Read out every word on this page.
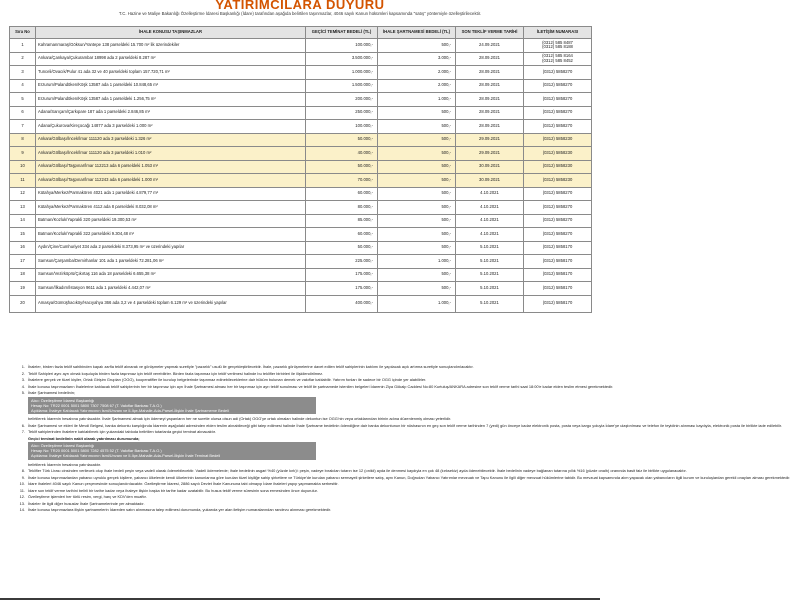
YATIRIMCILARA DUYURU
T.C. Hazine ve Maliye Bakanlığı Özelleştirme İdaresi Başkanlığı (İdare) tarafından aşağıda belirtilen taşınmazlar, 4046 sayılı Kanun hükümleri kapsamında "satış" yöntemiyle özelleştirilecektir.
Sıra No	İHALE KONUSU TAŞINMAZLAR	GEÇİCİ TEMİNAT BEDELİ (TL)	İHALE ŞARTNAMESİ BEDELİ (TL)	SON TEKLİF VERME TARİHİ	İLETİŞİM NUMARASI
1	Kahramanmaraş/Göksun/Yantepe 138 parseldeki 15.700 m² lik üzerindekiler	100.000,-	500,-	24.09.2021	(0312) 585 8487
(0312) 585 8188
2	Ankara/Çankaya/Çukurambar 18998 ada 2 parseldeki 8.287 m²	3.500.000,-	3.000,-	28.09.2021	(0312) 585 8164
(0312) 585 8452
3	Tunceli/Ovacık/Pulur 41 ada 32 ve 40 parseldeki toplam 157.720,71 m²	1.000.000,-	2.000,-	28.09.2021	(0312) 5858270
4	Erzurum/Palandöken/Köşk 13587 ada 1 parseldeki 10.848,65 m²	1.500.000,-	2.000,-	28.09.2021	(0312) 5858270
5	Erzurum/Palandöken/Köşk 13587 ada 1 parseldeki 1.256,75 m²	200.000,-	1.000,-	28.09.2021	(0312) 5858270
6	Adana/Sarıçam/Çarkıpare 187 ada 1 parseldeki 2.846,85 m²	250.000,-	500,-	28.09.2021	(0312) 5858270
7	Adana/Çukurova/Kireçocağı 14877 ada 3 parseldeki 1.000 m²	100.000,-	500,-	28.09.2021	(0312) 5858270
8	Ankara/Gölbaşı/İncek/İmar 111120 ada 3 parseldeki 1.326 m²	50.000,-	500,-	29.09.2021	(0312) 5858230
9	Ankara/Gölbaşı/İncek/İmar 111120 ada 3 parseldeki 1.010 m²	40.000,-	500,-	29.09.2021	(0312) 5858230
10	Ankara/Gölbaşı/Taşpınar/İmar 112213 ada 6 parseldeki 1.053 m²	50.000,-	500,-	30.09.2021	(0312) 5858230
11	Ankara/Gölbaşı/Taşpınar/İmar 112243 ada 6 parseldeki 1.000 m²	70.000,-	500,-	30.09.2021	(0312) 5858230
12	Kütahya/Merkez/Parmakören 4021 ada 1 parseldeki 4.879,77 m²	60.000,-	500,-	4.10.2021	(0312) 5858270
13	Kütahya/Merkez/Parmakören 4112 ada 8 parseldeki 8.032,08 m²	80.000,-	500,-	4.10.2021	(0312) 5858270
14	Batman/Kozluk/Yaprakli 320 parseldeki 19.300,53 m²	85.000,-	500,-	4.10.2021	(0312) 5858270
15	Batman/Kozluk/Yaprakli 322 parseldeki 9.304,48 m²	60.000,-	500,-	4.10.2021	(0312) 5858270
16	Aydın/Çine/Cumhuriyet 334 ada 2 parseldeki 8.373,95 m² ve üzerindeki yapılar	50.000,-	500,-	5.10.2021	(0312) 5858170
17	Samsun/Çarşamba/Demirhanlar 101 ada 1 parseldeki 72.281,06 m²	225.000,-	1.000,-	5.10.2021	(0312) 5858170
18	Samsun/Vezirköprü/Çıkırtaş 116 ada 18 parseldeki 6.655,38 m²	175.000,-	500,-	5.10.2021	(0312) 5858170
19	Samsun/İlkadım/İstasyon 9611 ada 1 parseldeki 4.442,07 m²	175.000,-	500,-	5.10.2021	(0312) 5858170
20	Amasya/Gümüşhacıköy/Hacıyahya 366 ada 3,2 ve 4 parseldeki toplam 6.129 m² ve üzerindeki yapılar	400.000,-	1.000,-	5.10.2021	(0312) 5858170
1. İhaleler, birden fazla teklif sahibinden kapalı zarfla teklif alınarak ve görüşmeler yapmak suretiyle "pazarlık" usulü ile gerçekleştirilecektir. İhale, pazarlık görüşmelerine davet edilen teklif sahiplerinin katılımı ile yapılacak açık artırma suretiyle sonuçlandırılacaktır.
2. Teklif Sahipleri aynı ayrı olmak koşuluyla birden fazla taşınmaz için teklif verebilirler. Birden fazla taşınmaz için teklif verilmesi halinde bu teklifler birbirleri ile ilişkilendirilmez.
3. İhalelere gerçek ve tüzel kişiler, Ortak Girişim Grupları (OGG), kooperatifler ile kurulup belgelerinde taşınmaz edinebileceklerine dair hüküm bulunan demek ve vakıflar katılabilir. Yatırım fonları ile sadece bir OGG içinde yer alabilirler.
4. İhale konusu taşınmazların İhalelerine katılacak teklif sahiplerinin her bir taşınmaz için ayrı İhale Şartnamesi alması her bir taşınmaz için ayrı teklif sunulması ve teklif ile şartnamede istenilen belgeleri İdarenin Ziya Gökalp Caddesi No:80 Kurtuluş/ANKARA adresine son teklif verme tarihi saat 18:00'e kadar elden teslim etmesi gerekmektedir.
5. İhale Şartnamesi bedelinin;
Alıcı: Özelleştirme İdaresi Başkanlığı
Hesap No: TR22 0001 5001 5800 7307 7508 67 (T. Vakıflar Bankası T.A.O.)
Açıklama: İhaleye Katılacak Yatırımcının İsmi/Unvanı ve İl-İlçe-Mahalle-Ada-Parsel-İlişkin İhale Şartnameme Bedeli
belirtilerek İdarenin hesabına yatırılacaktır. İhale Şartnamesi almak için ödemeyi yapanların her ne suretle olursa olsun adi (Ortak) OGG'ye ortak olmaları halinde dekontun ise OGG'nin veya ortaklarından birinin adına düzenlenmiş olması yeterlidir.
6. İhale Şartnamesi ve ekleri ile Mevdi Belgesi, banka dekontu karşılığında İdarenin aşağıdaki adresinden elden teslim alınabileceği gibi talep edilmesi halinde İhale Şartname bedelinin ödendiğine dair banka dekontunun bir nüshasının en geç son teklif verme tarihinden 7 (yedi) gün önceye kadar elektronik posta, posta veya kargo yoluyla İdare'ye ulaştırılması ve telefon ile teyidinin alınması kaydıyla, elektronik posta ile birlikte iade edilebilir.
7. Teklif sahiplerinden ihalelere katılabilmek için yukarıdaki tabloda belirtilen tutarlarda geçici teminat alınacaktır.
Geçici teminat bedelinin nakit olarak yatırılması durumunda;
Alıcı: Özelleştirme İdaresi Başkanlığı
Hesap No: TR20 0001 5001 5800 7282 4575 52 (T. Vakıflar Bankası T.A.O.)
Açıklama: İhaleye Katılacak Yatırımcının İsmi/Unvanı ve İl-İlçe-Mahalle-Ada-Parsel-İlişkin İhale Teminat Bedeli
belirtilerek İdarenin hesabına yatırılacaktır.
8. Teklifler Türk Lirası cinsinden verilecek olup ihale bedeli peşin veya vadeli olarak ödenebilecektir. Vadeli ödemelerde; ihale bedelinin asgari %40 (yüzde kırk)'ı peşin, vadeye bırakılan tutarın ise 12 (onikii) ayda ile denmesi kaydıyla en çok 48 (kırksekiz) ayda ödenebilecektir. İhale bedelinin vadeye bağlanan tutarına yıllık %16 (yüzde onaltı) oranında basit faiz ile birlikte uygulanacaktır.
9. İhale konusu taşınmazlardan yabancı uyruklu gerçek kişilere, yabancı ülkelerde kendi ülkelerinin kanunlarına göre kurulan tüzel kişiliğe sahip şirketlere ve Türkiye'de kurulan yabancı sermayeli şirketlere satış, aynı Kanun, Doğrudan Yabancı Yatırımlar mevzuatı ve Tapu Kanunu ile ilgili diğer mevzuat hükümlerine tabidir. Bu mevzuat kapsamında alım yapacak olan yabancıların ilgili kurum ve kuruluşlardan gerekli onayları alması gerekmektedir.
10. İdare ihaleleri 4046 sayılı Kanun çerçevesinde sonuçlandırılacaktır. Özelleştirme İdaresi, 2886 sayılı Devlet İhale Kanununa tabi olmayıp İdare ihaleleri yapıp yapmamakta serbesttir.
11. İdare son teklif verme tarihini belirli bir tarihe kadar veya ihaleye ilişkin başka bir tarihe kadar uzatabilir. Bu husus teklif verme süresinin sona ermesinden önce duyurulur.
12. Özelleştirme işlemleri her türlü resim, vergi, harç ve KDV'den muaftır.
13. İhaleler ile ilgili diğer hususlar İhale Şartnamelerinde yer almaktadır.
14. İhale konusu taşınmazlara ilişkin şartnamelerin İdareden satın alınmasına talep edilmesi durumunda, yukarıda yer alan iletişim numaralarından randevu alınması gerekmektedir.
